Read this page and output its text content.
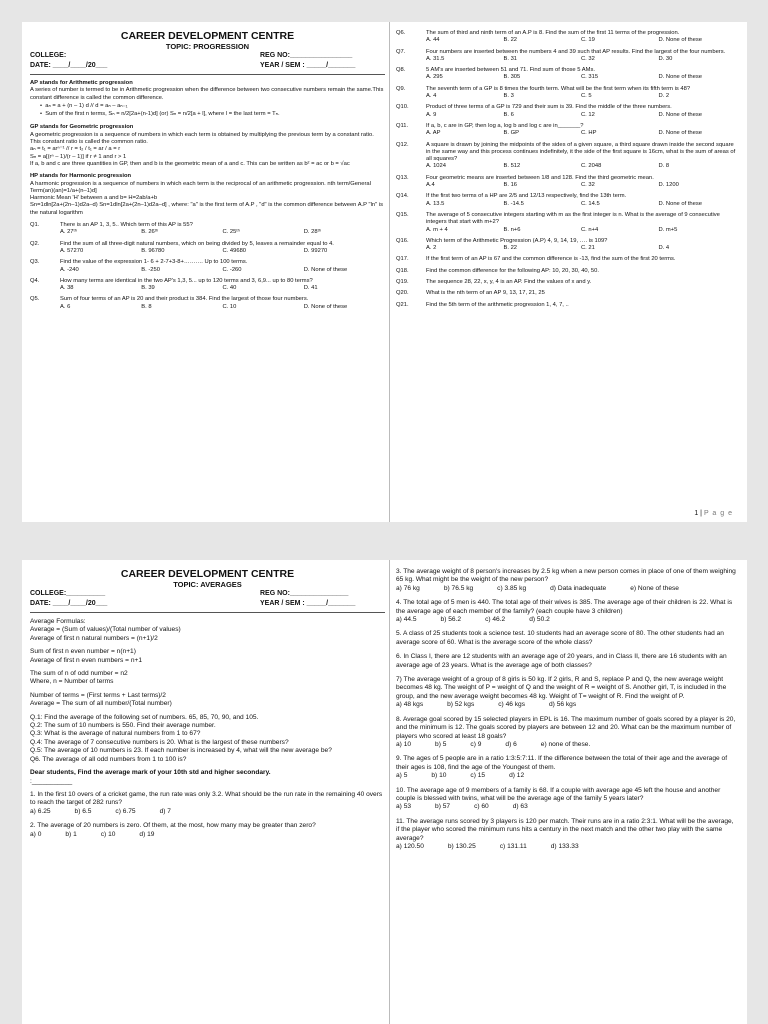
CAREER DEVELOPMENT CENTRE
TOPIC: PROGRESSION
COLLEGE:	REG NO:________________
DATE: ____/____/20___	YEAR / SEM : _____/_______

AP stands for Arithmetic progression

A series of number is termed to be in Arithmetic progression when the difference between two consecutive numbers remain the same.This constant difference is called the common difference.

•  aₙ = a + (n – 1) d // d = aₙ – aₙ₋₁

•  Sum of the first n terms, Sₙ = n/2[2a+(n-1)d] (or) Sₙ = n/2[a + l], where l = the last term = Tₙ.

GP stands for Geometric progression

A geometric progression is a sequence of numbers in which each term is obtained by multiplying the previous term by a constant ratio. This constant ratio is called the common ratio.

aₙ = t₁ = arⁿ⁻¹ // r = t₂ / t₁ = ar / a = r

Sₙ = a[(rⁿ – 1)/(r – 1)] if r ≠ 1 and r > 1

If a, b and c are three quantities in GP, then and b is the geometric mean of a and c. This can be written as b² = ac or b = √ac

HP stands for Harmonic progression

A harmonic progression is a sequence of numbers in which each term is the reciprocal of an arithmetic progression. nth term/General Term(an)(an)=1/a+(n–1)d]

Harmonic Mean 'H' between a and b= H=2ab/a+b

Sn=1dln[2a+(2n–1)d2a–d) Sn=1dln⁡[2a+(2n–1)d2a–d] , where: "a" is the first term of A.P , "d" is the common difference between A.P "ln" is the natural logarithm

Q1.	There is an AP 1, 3, 5.. Which term of this AP is 55?
A. 27ᵗʰ	B. 26ᵗʰ	C. 25ᵗʰ	D. 28ᵗʰ
Q2.	Find the sum of all three-digit natural numbers, which on being divided by 5, leaves a remainder equal to 4.
A. 57270	B. 96780	C. 49680	D. 99270
Q3.	Find the value of the expression 1- 6 + 2-7+3-8+………. Up to 100 terms.
A. -240	B. -250	C. -260	D. None of these
Q4.	How many terms are identical in the two AP's 1,3, 5... up to 120 terms and 3, 6,9... up to 80 terms?
A. 38	B. 39	C. 40	D. 41
Q5.	Sum of four terms of an AP is 20 and their product is 384. Find the largest of those four numbers.
A. 6	B. 8	C. 10	D. None of these
Q6.	The sum of third and ninth term of an A.P is 8. Find the sum of the first 11 terms of the progression.
A. 44	B. 22	C. 19	D. None of these
Q7.	Four numbers are inserted between the numbers 4 and 39 such that AP results. Find the largest of the four numbers.
A. 31.5	B. 31	C. 32	D. 30
Q8.	5 AM's are inserted between 51 and 71. Find sum of those 5 AMs.
A. 295	B. 305	C. 315	D. None of these
Q9.	The seventh term of a GP is 8 times the fourth term. What will be the first term when its fifth term is 48?
A. 4	B. 3	C. 5	D. 2
Q10.	Product of three terms of a GP is 729 and their sum is 39. Find the middle of the three numbers.
A. 9	B. 6	C. 12	D. None of these
Q11.	If a, b, c are in GP, then log a, log b and log c are in_______?
A. AP	B. GP	C. HP	D. None of these
Q12.	A square is drawn by joining the midpoints of the sides of a given square, a third square drawn inside the second square in the same way and this process continues indefinitely, it the side of the first square is 16cm, what is the sum of areas of all squares?
A. 1024	B. 512	C. 2048	D. 8
Q13.	Four geometric means are inserted between 1/8 and 128. Find the third geometric mean.
A.4	B. 16	C. 32	D. 1200
Q14.	If the first two terms of a HP are 2/5 and 12/13 respectively, find the 13th term.
A. 13.5	B. -14.5	C. 14.5	D. None of these
Q15.	The average of 5 consecutive integers starting with m as the first integer is n. What is the average of 9 consecutive integers that start with m+2?
A. m + 4	B. n+6	C. n+4	D. m+5
Q16.	Which term of the Arithmetic Progression (A.P) 4, 9, 14, 19, …. is 109?
A. 2	B. 22	C. 21	D. 4
Q17.	If the first term of an AP is 67 and the common difference is -13, find the sum of the first 20 terms.
Q18.	Find the common difference for the following AP: 10, 20, 30, 40, 50.
Q19.	The sequence 28, 22, x, y, 4 is an AP. Find the values of x and y.
Q20.	What is the nth term of an AP 9, 13, 17, 21, 25
Q21.	Find the 5th term of the arithmetic progression 1, 4, 7, ..
1 | P a g e
CAREER DEVELOPMENT CENTRE
TOPIC: AVERAGES
COLLEGE:__________	REG NO:_______________
DATE: ____/____/20___	YEAR / SEM : _____/_______

Average Formulas:

Average = (Sum of values)/(Total number of values)

Average of first n natural numbers = (n+1)/2

Sum of first n even number = n(n+1)

Average of first n even numbers = n+1

The sum of n of odd number = n2

Where, n = Number of terms

Number of terms = (First terms + Last terms)/2

Average = The sum of all number/(Total number)

Q.1: Find the average of the following set of numbers. 65, 85, 70, 90, and 105.

Q.2: The sum of 10 numbers is 550. Find their average number.

Q.3: What is the average of natural numbers from 1 to 67?

Q.4: The average of 7 consecutive numbers is 20. What is the largest of these numbers?

Q.5: The average of 10 numbers is 23. If each number is increased by 4, what will the new average be?

Q6. The average of all odd numbers from 1 to 100 is?

Dear students, Find the average mark of your 10th std and higher secondary.

:___________

1. In the first 10 overs of a cricket game, the run rate was only 3.2. What should be the run rate in the remaining 40 overs to reach the target of 282 runs?
a) 6.25	b) 6.5	c) 6.75	d) 7
2. The average of 20 numbers is zero. Of them, at the most, how many may be greater than zero?
a) 0	b) 1	c) 10	d) 19
3. The average weight of 8 person's increases by 2.5 kg when a new person comes in place of one of them weighing 65 kg. What might be the weight of the new person?
a) 76 kg	b) 76.5 kg	c) 3.85 kg	d) Data inadequate	e) None of these
4. The total age of 5 men is 440. The total age of their wives is 385. The average age of their children is 22. What is the average age of each member of the family? (each couple have 3 children)
a) 44.5	b) 56.2	c) 46.2	d) 50.2
5. A class of 25 students took a science test. 10 students had an average score of 80. The other students had an average score of 60. What is the average score of the whole class?
6. In Class I, there are 12 students with an average age of 20 years, and in Class II, there are 16 students with an average age of 23 years. What is the average age of both classes?
7) The average weight of a group of 8 girls is 50 kg. If 2 girls, R and S, replace P and Q, the new average weight becomes 48 kg. The weight of P = weight of Q and the weight of R = weight of S. Another girl, T, is included in the group, and the new average weight becomes 48 kg. Weight of T= weight of R. Find the weight of P.
a) 48 kgs	b) 52 kgs	c) 46 kgs	d) 56 kgs
8. Average goal scored by 15 selected players in EPL is 16. The maximum number of goals scored by a player is 20, and the minimum is 12. The goals scored by players are between 12 and 20. What can be the maximum number of players who scored at least 18 goals?
a) 10	b) 5	c) 9	d) 6	e) none of these.
9. The ages of 5 people are in a ratio 1:3:5:7:11. If the difference between the total of their age and the average of their ages is 108, find the age of the Youngest of them.
a) 5	b) 10	c) 15	d) 12
10. The average age of 9 members of a family is 68. If a couple with average age 45 left the house and another couple is blessed with twins, what will be the average age of the family 5 years later?
a) 53	b) 57	c) 60	d) 63
11. The average runs scored by 3 players is 120 per match. Their runs are in a ratio 2:3:1. What will be the average, if the player who scored the minimum runs hits a century in the next match and the other two play with the same average?
a) 120.50	b) 130.25	c) 131.11	d) 133.33
